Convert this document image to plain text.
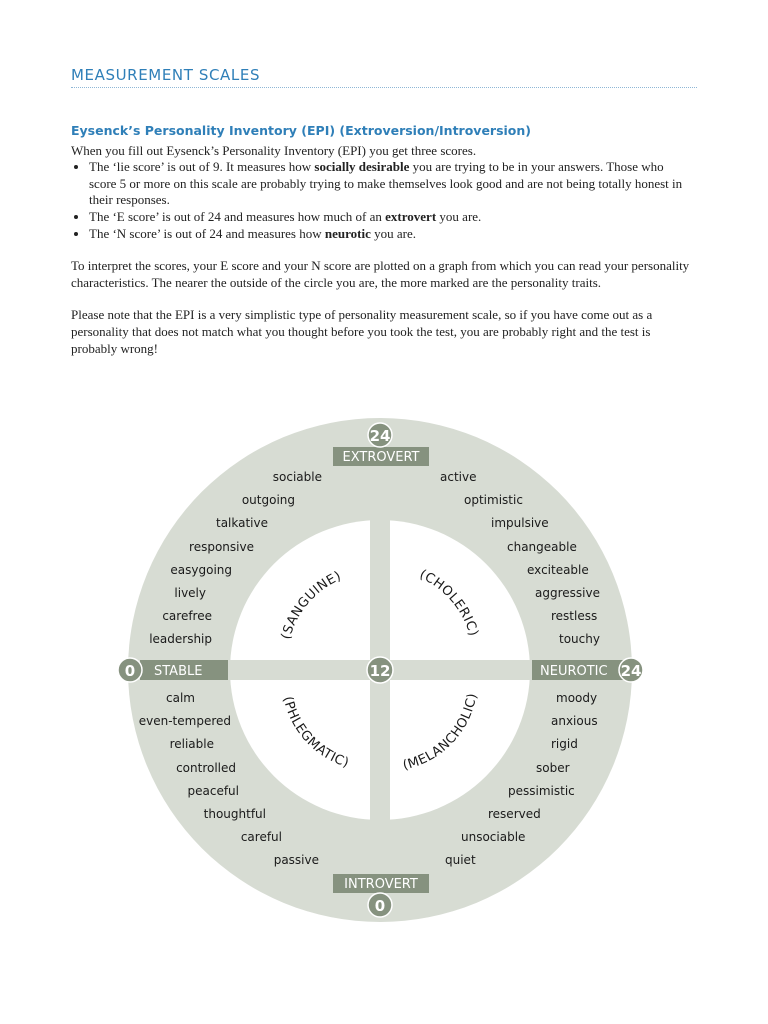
MEASUREMENT SCALES
Eysenck’s Personality Inventory (EPI) (Extroversion/Introversion)

When you fill out Eysenck’s Personality Inventory (EPI) you get three scores.

• The ‘lie score’ is out of 9. It measures how socially desirable you are trying to be in your answers. Those who score 5 or more on this scale are probably trying to make themselves look good and are not being totally honest in their responses.
• The ‘E score’ is out of 24 and measures how much of an extrovert you are.
• The ‘N score’ is out of 24 and measures how neurotic you are.

To interpret the scores, your E score and your N score are plotted on a graph from which you can read your personality characteristics. The nearer the outside of the circle you are, the more marked are the personality traits.

Please note that the EPI is a very simplistic type of personality measurement scale, so if you have come out as a personality that does not match what you thought before you took the test, you are probably right and the test is probably wrong!

EXTROVERT
INTROVERT
STABLE	NEUROTIC
24
0
0	24
12
(SANGUINE)	(CHOLERIC)
(PHLEGMATIC)	(MELANCHOLIC)
sociable
outgoing
talkative
responsive
easygoing
lively
carefree
leadership
active
optimistic
impulsive
changeable
exciteable
aggressive
restless
touchy
calm
even-tempered
reliable
controlled
peaceful
thoughtful
careful
passive
moody
anxious
rigid
sober
pessimistic
reserved
unsociable
quiet
